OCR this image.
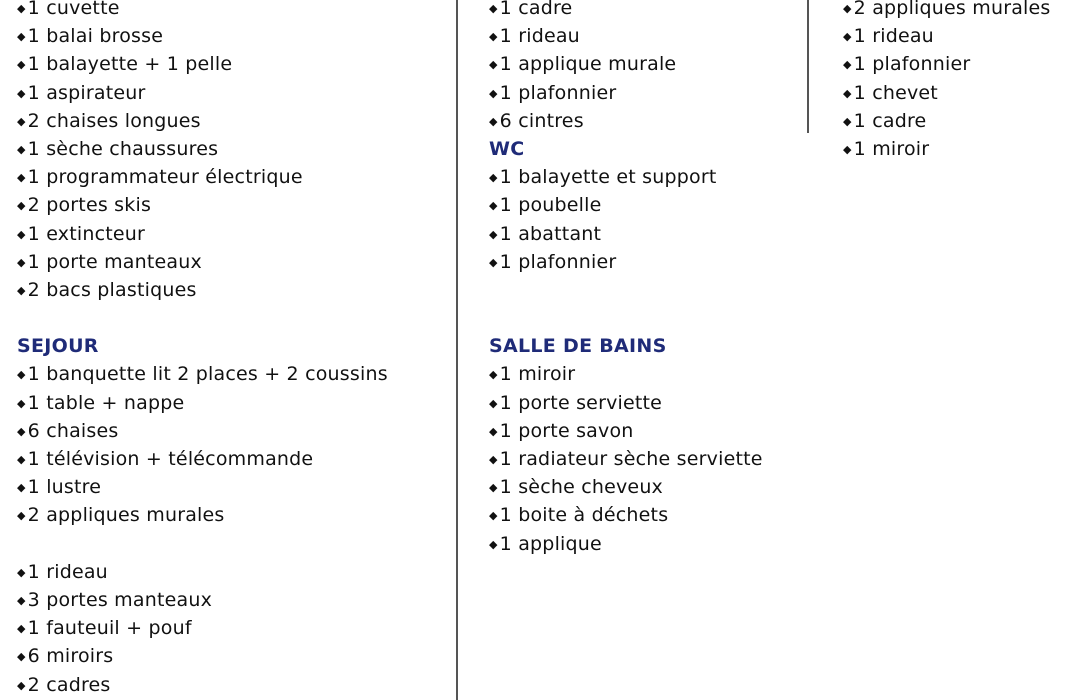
◆ 1 cuvette
◆ 1 balai brosse
◆ 1 balayette + 1 pelle
◆ 1 aspirateur
◆ 2 chaises longues
◆ 1 sèche chaussures
◆ 1 programmateur électrique
◆ 2 portes skis
◆ 1 extincteur
◆ 1 porte manteaux
◆ 2 bacs plastiques
SEJOUR
◆ 1 banquette lit 2 places + 2 coussins
◆ 1 table + nappe
◆ 6 chaises
◆ 1 télévision + télécommande
◆ 1 lustre
◆ 2 appliques murales
◆ 1 rideau
◆ 3 portes manteaux
◆ 1 fauteuil + pouf
◆ 6 miroirs
◆ 2 cadres
◆ 1 cadre
◆ 1 rideau
◆ 1 applique murale
◆ 1 plafonnier
◆ 6 cintres
WC
◆ 1 balayette et support
◆ 1 poubelle
◆ 1 abattant
◆ 1 plafonnier
SALLE DE BAINS
◆ 1 miroir
◆ 1 porte serviette
◆ 1 porte savon
◆ 1 radiateur sèche serviette
◆ 1 sèche cheveux
◆ 1 boite à déchets
◆ 1 applique
◆ 2 appliques murales
◆ 1 rideau
◆ 1 plafonnier
◆ 1 chevet
◆ 1 cadre
◆ 1 miroir
